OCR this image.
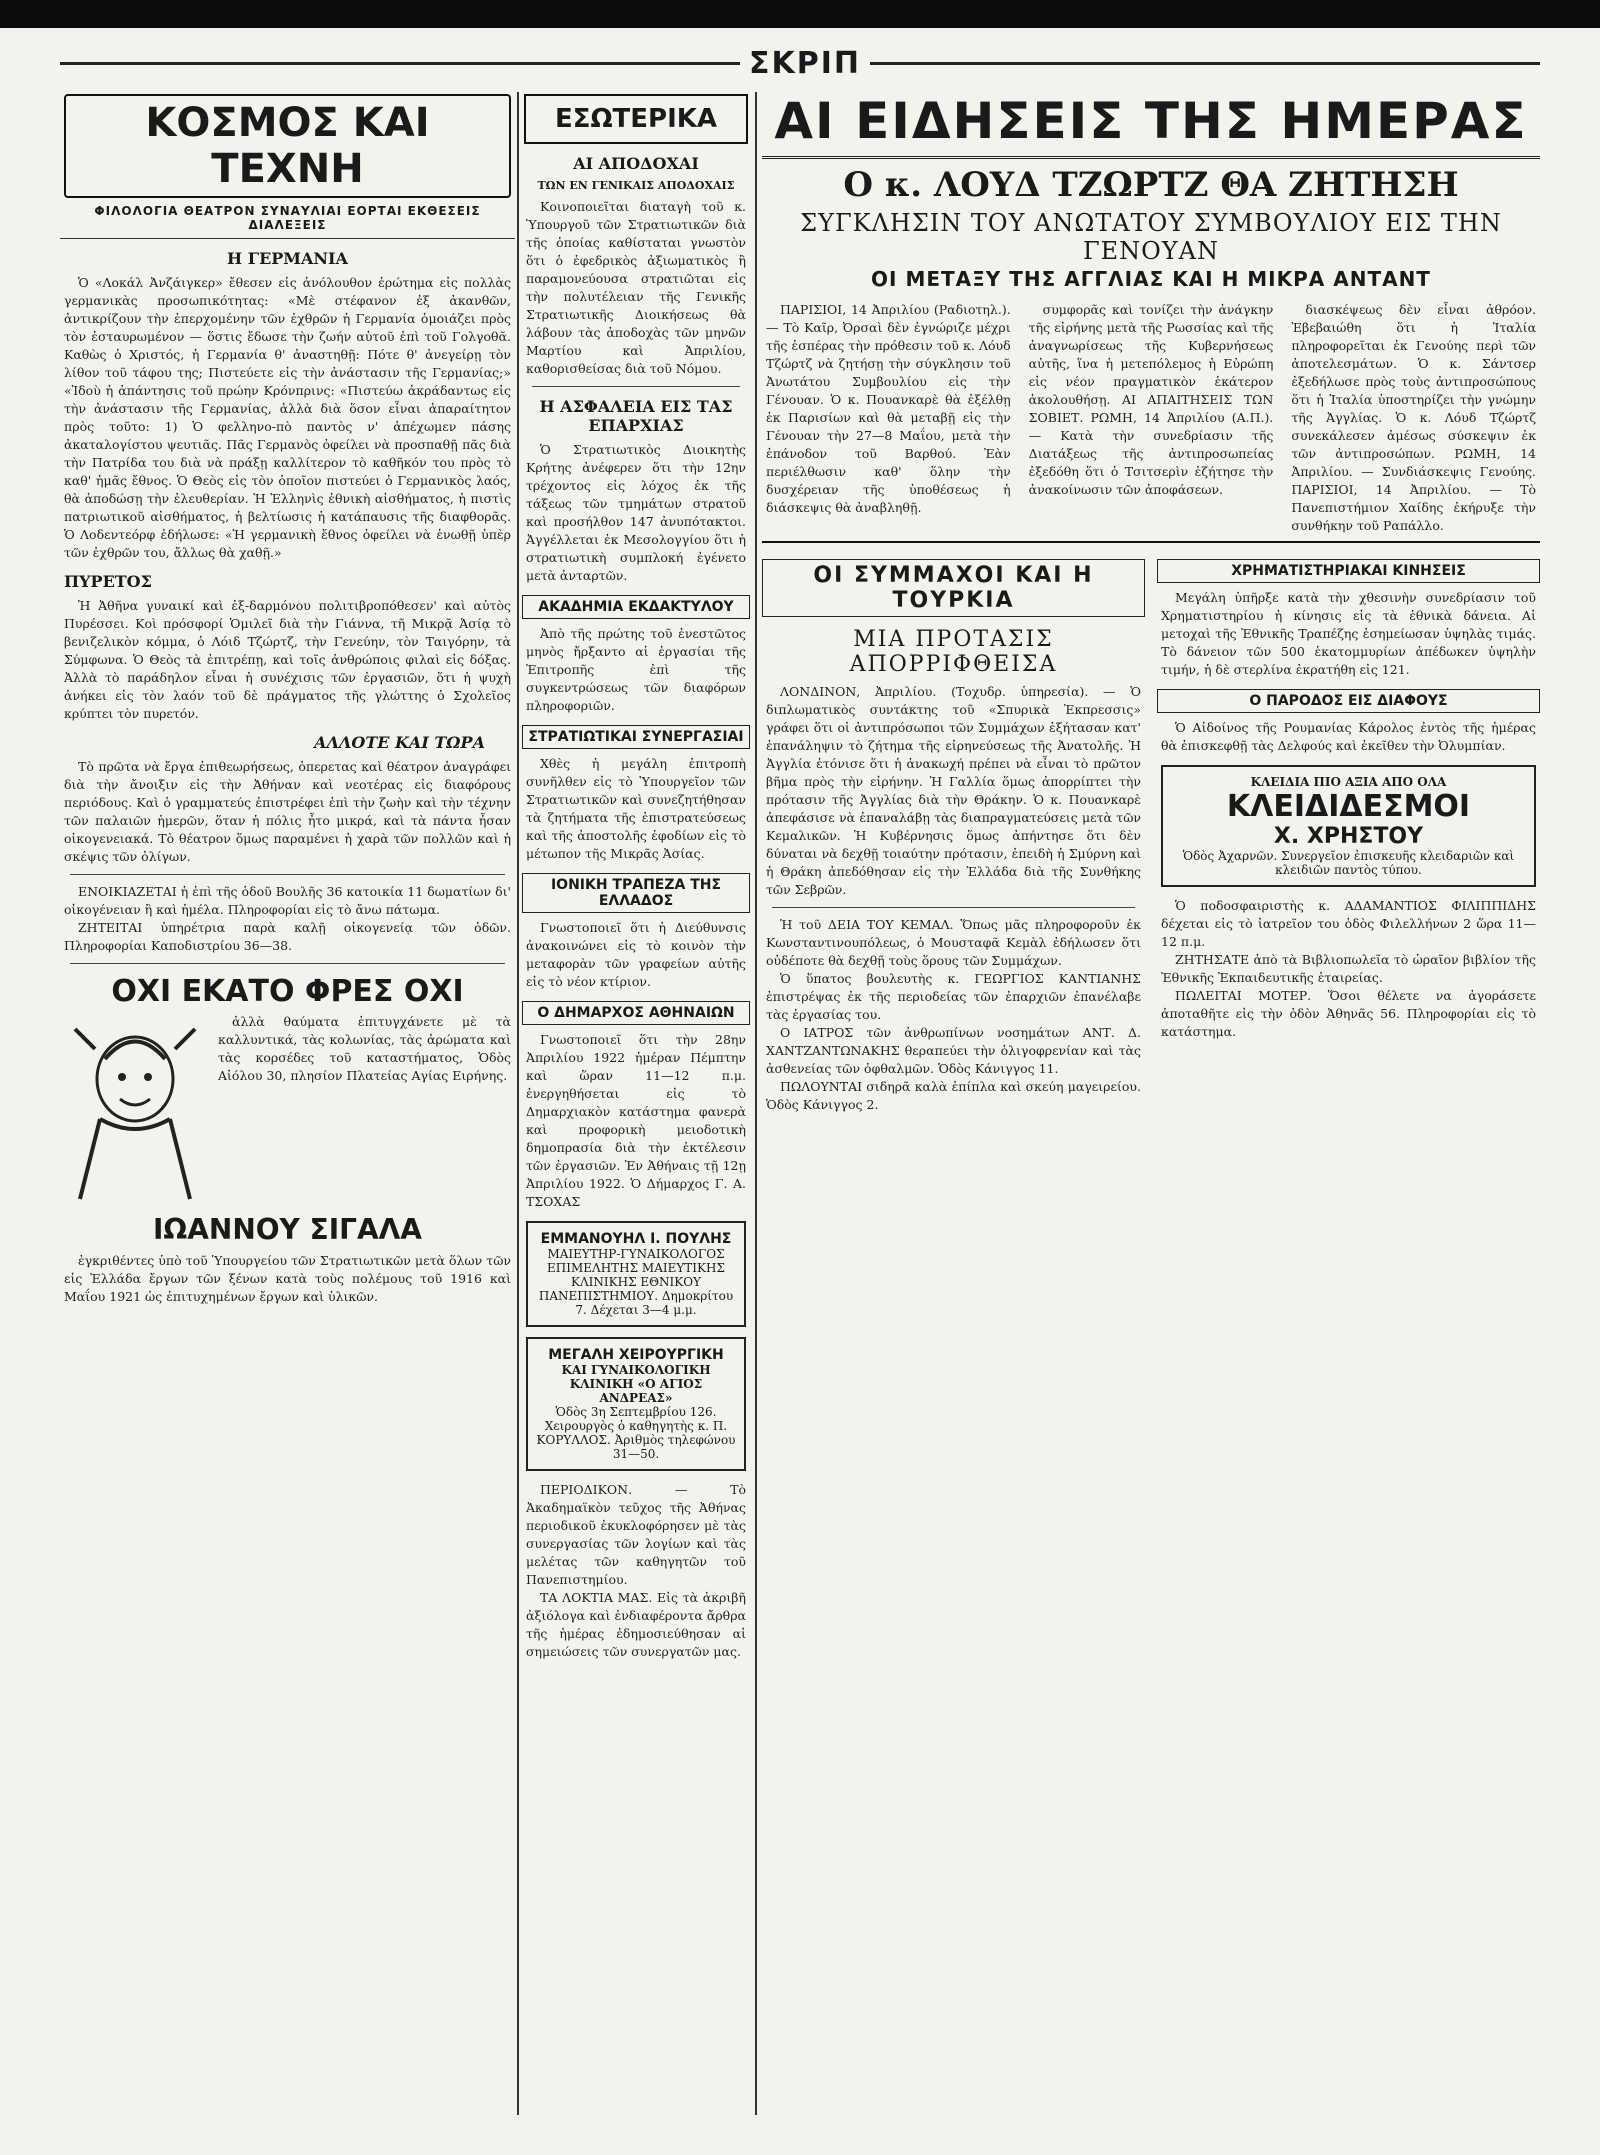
ΣΚΡΙΠ
ΚΟΣΜΟΣ ΚΑΙ ΤΕΧΝΗ
ΦΙΛΟΛΟΓΙΑ ΘΕΑΤΡΟΝ ΣΥΝΑΥΛΙΑΙ ΕΟΡΤΑΙ ΕΚΘΕΣΕΙΣ ΔΙΑΛΕΞΕΙΣ
Η ΓΕΡΜΑΝΙΑ

Ὁ «Λοκάλ Ἀνζάιγκερ» ἔθεσεν εἰς ἀνόλουθον ἐρώτημα εἰς πολλὰς γερμανικὰς προσωπικότητας: «Μὲ στέφανον ἐξ ἀκανθῶν, ἀντικρίζουν τὴν ἐπερχομένην τῶν ἐχθρῶν ἡ Γερμανία ὁμοιάζει πρὸς τὸν ἐσταυρωμένον — ὅστις ἔδωσε τὴν ζωήν αὑτοῦ ἐπὶ τοῦ Γολγοθᾶ. Καθὼς ὁ Χριστός, ἡ Γερμανία θ' ἀναστηθῇ: Πότε θ' ἀνεγείρῃ τὸν λίθον τοῦ τάφου της; Πιστεύετε εἰς τὴν ἀνάστασιν τῆς Γερμανίας;» «Ἰδοὺ ἡ ἀπάντησις τοῦ πρώην Κρόνπρινς: «Πιστεύω ἀκράδαντως εἰς τὴν ἀνάστασιν τῆς Γερμανίας, ἀλλὰ διὰ ὅσον εἶναι ἀπαραίτητον πρὸς τοῦτο: 1) Ὁ φελληνο-πὸ παντὸς ν' ἀπέχωμεν πάσης ἀκαταλογίστου ψευτιᾶς. Πᾶς Γερμανὸς ὀφείλει νὰ προσπαθῇ πᾶς διὰ τὴν Πατρίδα του διὰ νὰ πράξῃ καλλίτερον τὸ καθῆκόν του πρὸς τὸ καθ' ἡμᾶς ἔθνος. Ὁ Θεὸς εἰς τὸν ὁποῖον πιστεύει ὁ Γερμανικὸς λαός, θὰ ἀποδώσῃ τὴν ἐλευθερίαν. Ἡ Ἑλληνὶς ἐθνικὴ αἰσθήματος, ἡ πιστὶς πατριωτικοῦ αἰσθήματος, ἡ βελτίωσις ἡ κατάπαυσις τῆς διαφθορᾶς. Ὁ Λοδεντεόρφ ἐδήλωσε: «Ἡ γερμανικὴ ἔθνος ὀφείλει νὰ ἑνωθῇ ὑπὲρ τῶν ἐχθρῶν του, ἄλλως θὰ χαθῇ.»

ΠΥΡΕΤΟΣ

Ἡ Ἀθῆνα γυναικί καὶ ἐξ-δαρμόνου πολιτιβροπόθεσεν' καὶ αὐτὸς Πυρέσσει. Κοὶ πρόσφορί Ὁμιλεῖ διὰ τὴν Γιάννα, τῆ Μικρᾷ Ἀσίᾳ τὸ βενιζελικὸν κόμμα, ὁ Λόιδ Τζώρτζ, τὴν Γενεύην, τὸν Ταιγόρην, τὰ Σύμφωνα. Ὁ Θεὸς τὰ ἐπιτρέπῃ, καὶ τοῖς ἀνθρώποις φιλαὶ εἰς δόξας. Ἀλλὰ τὸ παράδηλον εἶναι ἡ συνέχισις τῶν ἐργασιῶν, ὅτι ἡ ψυχὴ ἀνήκει εἰς τὸν λαόν τοῦ δὲ πράγματος τῆς γλώττης ὁ Σχολεῖος κρύπτει τὸν πυρετόν.

ΑΛΛΟΤΕ ΚΑΙ ΤΩΡΑ

Τὸ πρῶτα νὰ ἔργα ἐπιθεωρήσεως, ὁπερετας καὶ θέατρον ἀναγράφει διὰ τὴν ἄνοιξιν εἰς τὴν Ἀθήναν καὶ νεοτέρας εἰς διαφόρους περιόδους. Καὶ ὁ γραμματεύς ἐπιστρέφει ἐπὶ τὴν ζωὴν καὶ τὴν τέχνην τῶν παλαιῶν ἡμερῶν, ὅταν ἡ πόλις ἦτο μικρά, καὶ τὰ πάντα ἦσαν οἰκογενειακά. Τὸ θέατρον ὅμως παραμένει ἡ χαρὰ τῶν πολλῶν καὶ ἡ σκέψις τῶν ὀλίγων.

ΕΝΟΙΚΙΑΖΕΤΑΙ ἡ ἐπὶ τῆς ὁδοῦ Βουλῆς 36 κατοικία 11 δωματίων δι' οἰκογένειαν ἢ καὶ ἡμέλα. Πληροφορίαι εἰς τὸ ἄνω πάτωμα.

ΖΗΤΕΙΤΑΙ ὑπηρέτρια παρὰ καλῇ οἰκογενείᾳ τῶν ὁδῶν. Πληροφορίαι Καποδιστρίου 36—38.

ΟΧΙ ΕΚΑΤΟ ΦΡΕΣ ΟΧΙ

ἀλλὰ θαύματα ἐπιτυγχάνετε μὲ τὰ καλλυντικά, τὰς κολωνίας, τὰς ἀρώματα καὶ τὰς κορσέδες τοῦ καταστήματος, Ὁδὸς Αἰόλου 30, πλησίον Πλατείας Αγίας Ειρήνης.

ΙΩΑΝΝΟΥ ΣΙΓΑΛΑ

ἐγκριθέντες ὑπὸ τοῦ Ὑπουργείου τῶν Στρατιωτικῶν μετὰ ὅλων τῶν εἰς Ἑλλάδα ἔργων τῶν ξένων κατὰ τοὺς πολέμους τοῦ 1916 καὶ Μαΐου 1921 ὡς ἐπιτυχημένων ἔργων καὶ ὑλικῶν.

ΕΣΩΤΕΡΙΚΑ
ΑΙ ΑΠΟΔΟΧΑΙ
ΤΩΝ ΕΝ ΓΕΝΙΚΑΙΣ ΑΠΟΔΟΧΑΙΣ

Κοινοποιεῖται διαταγὴ τοῦ κ. Ὑπουργοῦ τῶν Στρατιωτικῶν διὰ τῆς ὁποίας καθίσταται γνωστὸν ὅτι ὁ ἐφεδρικὸς ἀξιωματικὸς ἢ παραμονεύουσα στρατιῶται εἰς τὴν πολυτέλειαν τῆς Γενικῆς Στρατιωτικῆς Διοικήσεως θὰ λάβουν τὰς ἀποδοχὰς τῶν μηνῶν Μαρτίου καὶ Ἀπριλίου, καθορισθείσας διὰ τοῦ Νόμου.

Η ΑΣΦΑΛΕΙΑ ΕΙΣ ΤΑΣ ΕΠΑΡΧΙΑΣ

Ὁ Στρατιωτικὸς Διοικητὴς Κρήτης ἀνέφερεν ὅτι τὴν 12ην τρέχοντος εἰς λόχος ἐκ τῆς τάξεως τῶν τμημάτων στρατοῦ καὶ προσήλθον 147 ἀνυπότακτοι. Ἀγγέλλεται ἐκ Μεσολογγίου ὅτι ἡ στρατιωτικὴ συμπλοκή ἐγένετο μετὰ ἀνταρτῶν.

ΑΚΑΔΗΜΙΑ ΕΚΔΑΚΤΥΛΟΥ

Ἀπὸ τῆς πρώτης τοῦ ἐνεστῶτος μηνὸς ἤρξαντο αἱ ἐργασίαι τῆς Ἐπιτροπῆς ἐπὶ τῆς συγκεντρώσεως τῶν διαφόρων πληροφοριῶν.

ΣΤΡΑΤΙΩΤΙΚΑΙ ΣΥΝΕΡΓΑΣΙΑΙ

Χθὲς ἡ μεγάλη ἐπιτροπὴ συνῆλθεν εἰς τὸ Ὑπουργεῖον τῶν Στρατιωτικῶν καὶ συνεζητήθησαν τὰ ζητήματα τῆς ἐπιστρατεύσεως καὶ τῆς ἀποστολῆς ἐφοδίων εἰς τὸ μέτωπον τῆς Μικρᾶς Ἀσίας.

ΙΟΝΙΚΗ ΤΡΑΠΕΖΑ ΤΗΣ ΕΛΛΑΔΟΣ

Γνωστοποιεῖ ὅτι ἡ Διεύθυνσις ἀνακοινώνει εἰς τὸ κοινὸν τὴν μεταφορὰν τῶν γραφείων αὐτῆς εἰς τὸ νέον κτίριον.

Ο ΔΗΜΑΡΧΟΣ ΑΘΗΝΑΙΩΝ

Γνωστοποιεῖ ὅτι τὴν 28ην Ἀπριλίου 1922 ἡμέραν Πέμπτην καὶ ὥραν 11—12 π.μ. ἐνεργηθήσεται εἰς τὸ Δημαρχιακὸν κατάστημα φανερὰ καὶ προφορικὴ μειοδοτικὴ δημοπρασία διὰ τὴν ἐκτέλεσιν τῶν ἐργασιῶν. Ἐν Ἀθήναις τῇ 12ῃ Ἀπριλίου 1922. Ὁ Δήμαρχος Γ. Α. ΤΣΟΧΑΣ

ΕΜΜΑΝΟΥΗΛ Ι. ΠΟΥΛΗΣ
ΜΑΙΕΥΤΗΡ-ΓΥΝΑΙΚΟΛΟΓΟΣ ΕΠΙΜΕΛΗΤΗΣ ΜΑΙΕΥΤΙΚΗΣ ΚΛΙΝΙΚΗΣ ΕΘΝΙΚΟΥ ΠΑΝΕΠΙΣΤΗΜΙΟΥ. Δημοκρίτου 7. Δέχεται 3—4 μ.μ.
ΜΕΓΑΛΗ ΧΕΙΡΟΥΡΓΙΚΗ
ΚΑΙ ΓΥΝΑΙΚΟΛΟΓΙΚΗ ΚΛΙΝΙΚΗ «Ο ΑΓΙΟΣ ΑΝΔΡΕΑΣ»
Ὁδὸς 3η Σεπτεμβρίου 126. Χειρουργὸς ὁ καθηγητὴς κ. Π. ΚΟΡΥΛΛΟΣ. Ἀριθμὸς τηλεφώνου 31—50.

ΠΕΡΙΟΔΙΚΟΝ. — Τὸ Ἀκαδημαϊκὸν τεῦχος τῆς Ἀθήνας περιοδικοῦ ἐκυκλοφόρησεν μὲ τὰς συνεργασίας τῶν λογίων καὶ τὰς μελέτας τῶν καθηγητῶν τοῦ Πανεπιστημίου.

ΤΑ ΛΟΚΤΙΑ ΜΑΣ. Εἰς τὰ ἀκριβῆ ἀξιόλογα καὶ ἐνδιαφέροντα ἄρθρα τῆς ἡμέρας ἐδημοσιεύθησαν αἱ σημειώσεις τῶν συνεργατῶν μας.

ΑΙ ΕΙΔΗΣΕΙΣ ΤΗΣ ΗΜΕΡΑΣ
Ο κ. ΛΟΥΔ ΤΖΩΡΤΖ ΘΑ ΖΗΤΗΣΗ
ΣΥΓΚΛΗΣΙΝ ΤΟΥ ΑΝΩΤΑΤΟΥ ΣΥΜΒΟΥΛΙΟΥ ΕΙΣ ΤΗΝ ΓΕΝΟΥΑΝ
ΟΙ ΜΕΤΑΞΥ ΤΗΣ ΑΓΓΛΙΑΣ ΚΑΙ Η ΜΙΚΡΑ ΑΝΤΑΝΤ

ΠΑΡΙΣΙΟΙ, 14 Ἀπριλίου (Ραδιοτηλ.). — Τὸ Καῖρ, Ὀρσαὶ δὲν ἐγνώριζε μέχρι τῆς ἑσπέρας τὴν πρόθεσιν τοῦ κ. Λόυδ Τζώρτζ νὰ ζητήσῃ τὴν σύγκλησιν τοῦ Ἀνωτάτου Συμβουλίου εἰς τὴν Γένουαν. Ὁ κ. Πουανκαρὲ θὰ ἐξέλθῃ ἐκ Παρισίων καὶ θὰ μεταβῇ εἰς τὴν Γένουαν τὴν 27—8 Μαΐου, μετὰ τὴν ἐπάνοδον τοῦ Βαρθού. Ἐὰν περιέλθωσιν καθ' ὅλην τὴν δυσχέρειαν τῆς ὑποθέσεως ἡ διάσκεψις θὰ ἀναβληθῇ.

συμφορᾶς καὶ τονίζει τὴν ἀνάγκην τῆς εἰρήνης μετὰ τῆς Ρωσσίας καὶ τῆς ἀναγνωρίσεως τῆς Κυβερνήσεως αὐτῆς, ἵνα ἡ μετεπόλεμος ἡ Εὐρώπη εἰς νέον πραγματικὸν ἑκάτερον ἀκολουθήσῃ. ΑΙ ΑΠΑΙΤΗΣΕΙΣ ΤΩΝ ΣΟΒΙΕΤ. ΡΩΜΗ, 14 Ἀπριλίου (Α.Π.). — Κατὰ τὴν συνεδρίασιν τῆς Διατάξεως τῆς ἀντιπροσωπείας ἐξεδόθη ὅτι ὁ Τσιτσερὶν ἐζήτησε τὴν ἀνακοίνωσιν τῶν ἀποφάσεων.

διασκέψεως δὲν εἶναι ἀθρόον. Ἐβεβαιώθη ὅτι ἡ Ἰταλία πληροφορεῖται ἐκ Γενούης περὶ τῶν ἀποτελεσμάτων. Ὁ κ. Σάντσερ ἐξεδήλωσε πρὸς τοὺς ἀντιπροσώπους ὅτι ἡ Ἰταλία ὑποστηρίζει τὴν γνώμην τῆς Ἀγγλίας. Ὁ κ. Λόυδ Τζώρτζ συνεκάλεσεν ἀμέσως σύσκεψιν ἐκ τῶν ἀντιπροσώπων. ΡΩΜΗ, 14 Ἀπριλίου. — Συνδιάσκεψις Γενούης. ΠΑΡΙΣΙΟΙ, 14 Ἀπριλίου. — Τὸ Πανεπιστήμιον Χαίδης ἐκήρυξε τὴν συνθήκην τοῦ Ραπάλλο.

ΟΙ ΣΥΜΜΑΧΟΙ ΚΑΙ Η ΤΟΥΡΚΙΑ
ΜΙΑ ΠΡΟΤΑΣΙΣ ΑΠΟΡΡΙΦΘΕΙΣΑ

ΛΟΝΔΙΝΟΝ, Ἀπριλίου. (Τοχυδρ. ὑπηρεσία). — Ὁ διπλωματικὸς συντάκτης τοῦ «Σπυρικὰ Ἐκπρεσσις» γράφει ὅτι οἱ ἀντιπρόσωποι τῶν Συμμάχων ἐξήτασαν κατ' ἐπανάληψιν τὸ ζήτημα τῆς εἰρηνεύσεως τῆς Ἀνατολῆς. Ἡ Ἀγγλία ἐτόνισε ὅτι ἡ ἀνακωχή πρέπει νὰ εἶναι τὸ πρῶτον βῆμα πρὸς τὴν εἰρήνην. Ἡ Γαλλία ὅμως ἀπορρίπτει τὴν πρότασιν τῆς Ἀγγλίας διὰ τὴν Θράκην. Ὁ κ. Πουανκαρὲ ἀπεφάσισε νὰ ἐπαναλάβῃ τὰς διαπραγματεύσεις μετὰ τῶν Κεμαλικῶν. Ἡ Κυβέρνησις ὅμως ἀπήντησε ὅτι δὲν δύναται νὰ δεχθῇ τοιαύτην πρότασιν, ἐπειδὴ ἡ Σμύρνη καὶ ἡ Θράκη ἀπεδόθησαν εἰς τὴν Ἑλλάδα διὰ τῆς Συνθήκης τῶν Σεβρῶν.

Ἡ τοῦ ΔΕΙΑ ΤΟΥ ΚΕΜΑΛ. Ὅπως μᾶς πληροφοροῦν ἐκ Κωνσταντινουπόλεως, ὁ Μουσταφᾶ Κεμὰλ ἐδήλωσεν ὅτι οὐδέποτε θὰ δεχθῇ τοὺς ὅρους τῶν Συμμάχων.

Ὁ ὕπατος βουλευτὴς κ. ΓΕΩΡΓΙΟΣ ΚΑΝΤΙΑΝΗΣ ἐπιστρέψας ἐκ τῆς περιοδείας τῶν ἐπαρχιῶν ἐπανέλαβε τὰς ἐργασίας του.

Ο ΙΑΤΡΟΣ τῶν ἀνθρωπίνων νοσημάτων ΑΝΤ. Δ. ΧΑΝΤΖΑΝΤΩΝΑΚΗΣ θεραπεύει τὴν ὀλιγοφρενίαν καὶ τὰς ἀσθενείας τῶν ὀφθαλμῶν. Ὁδὸς Κάνιγγος 11.

ΠΩΛΟΥΝΤΑΙ σιδηρᾶ καλὰ ἐπίπλα καὶ σκεύη μαγειρείου. Ὁδὸς Κάνιγγος 2.

ΧΡΗΜΑΤΙΣΤΗΡΙΑΚΑΙ ΚΙΝΗΣΕΙΣ

Μεγάλη ὑπῆρξε κατὰ τὴν χθεσινὴν συνεδρίασιν τοῦ Χρηματιστηρίου ἡ κίνησις εἰς τὰ ἐθνικὰ δάνεια. Αἱ μετοχαὶ τῆς Ἐθνικῆς Τραπέζης ἐσημείωσαν ὑψηλὰς τιμάς. Τὸ δάνειον τῶν 500 ἑκατομμυρίων ἀπέδωκεν ὑψηλὴν τιμήν, ἡ δὲ στερλίνα ἐκρατήθη εἰς 121.

Ο ΠΑΡΟΔΟΣ ΕΙΣ ΔΙΑΦΟΥΣ

Ὁ Αἰδοίνος τῆς Ρουμανίας Κάρολος ἐντὸς τῆς ἡμέρας θὰ ἐπισκεφθῇ τὰς Δελφούς καὶ ἐκεῖθεν τὴν Ὀλυμπίαν.

ΚΛΕΙΔΙΑ ΠΙΟ ΑΞΙΑ ΑΠΟ ΟΛΑ
ΚΛΕΙΔΙΔΕΣΜΟΙ
Χ. ΧΡΗΣΤΟΥ
Ὁδὸς Ἀχαρνῶν. Συνεργεῖον ἐπισκευῆς κλειδαριῶν καὶ κλειδιῶν παντὸς τύπου.

Ὁ ποδοσφαιριστὴς κ. ΑΔΑΜΑΝΤΙΟΣ ΦΙΛΙΠΠΙΔΗΣ δέχεται εἰς τὸ ἰατρεῖον του ὁδὸς Φιλελλήνων 2 ὥρα 11—12 π.μ.

ΖΗΤΗΣΑΤΕ ἀπὸ τὰ Βιβλιοπωλεῖα τὸ ὡραῖον βιβλίον τῆς Ἐθνικῆς Ἐκπαιδευτικῆς ἑταιρείας.

ΠΩΛΕΙΤΑΙ ΜΟΤΕΡ. Ὅσοι θέλετε να ἀγοράσετε ἀποταθῆτε εἰς τὴν ὁδὸν Ἀθηνᾶς 56. Πληροφορίαι εἰς τὸ κατάστημα.
